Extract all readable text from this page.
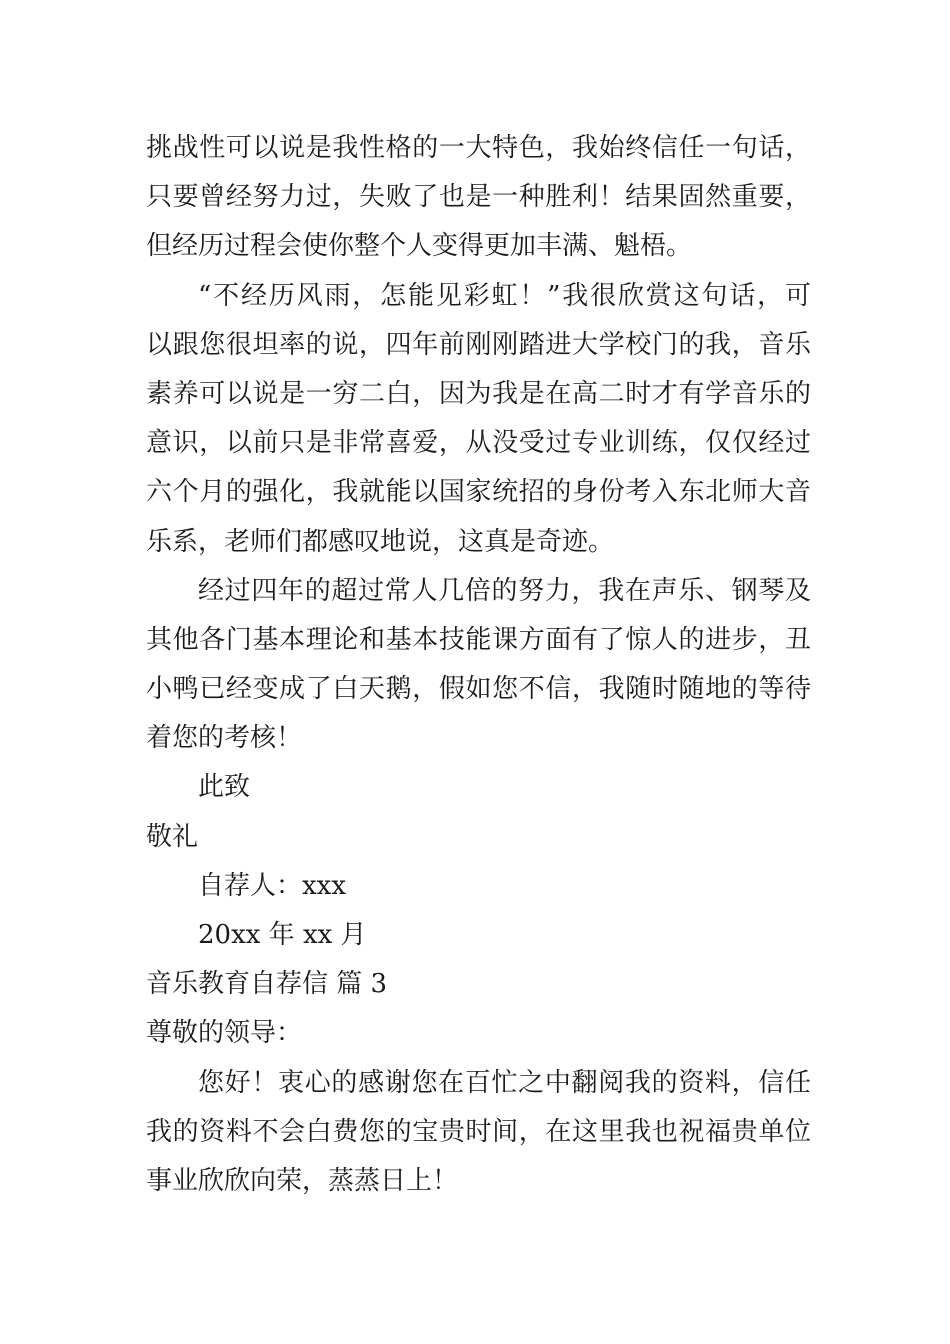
挑战性可以说是我性格的一大特色，我始终信任一句话，
只要曾经努力过，失败了也是一种胜利！结果固然重要，
但经历过程会使你整个人变得更加丰满、魁梧。
“不经历风雨，怎能见彩虹！”我很欣赏这句话，可
以跟您很坦率的说，四年前刚刚踏进大学校门的我，音乐
素养可以说是一穷二白，因为我是在高二时才有学音乐的
意识，以前只是非常喜爱，从没受过专业训练，仅仅经过
六个月的强化，我就能以国家统招的身份考入东北师大音
乐系，老师们都感叹地说，这真是奇迹。
经过四年的超过常人几倍的努力，我在声乐、钢琴及
其他各门基本理论和基本技能课方面有了惊人的进步，丑
小鸭已经变成了白天鹅，假如您不信，我随时随地的等待
着您的考核！
此致
敬礼
自荐人：xxx
20xx 年 xx 月
音乐教育自荐信 篇 3
尊敬的领导：
您好！衷心的感谢您在百忙之中翻阅我的资料，信任
我的资料不会白费您的宝贵时间，在这里我也祝福贵单位
事业欣欣向荣，蒸蒸日上！
